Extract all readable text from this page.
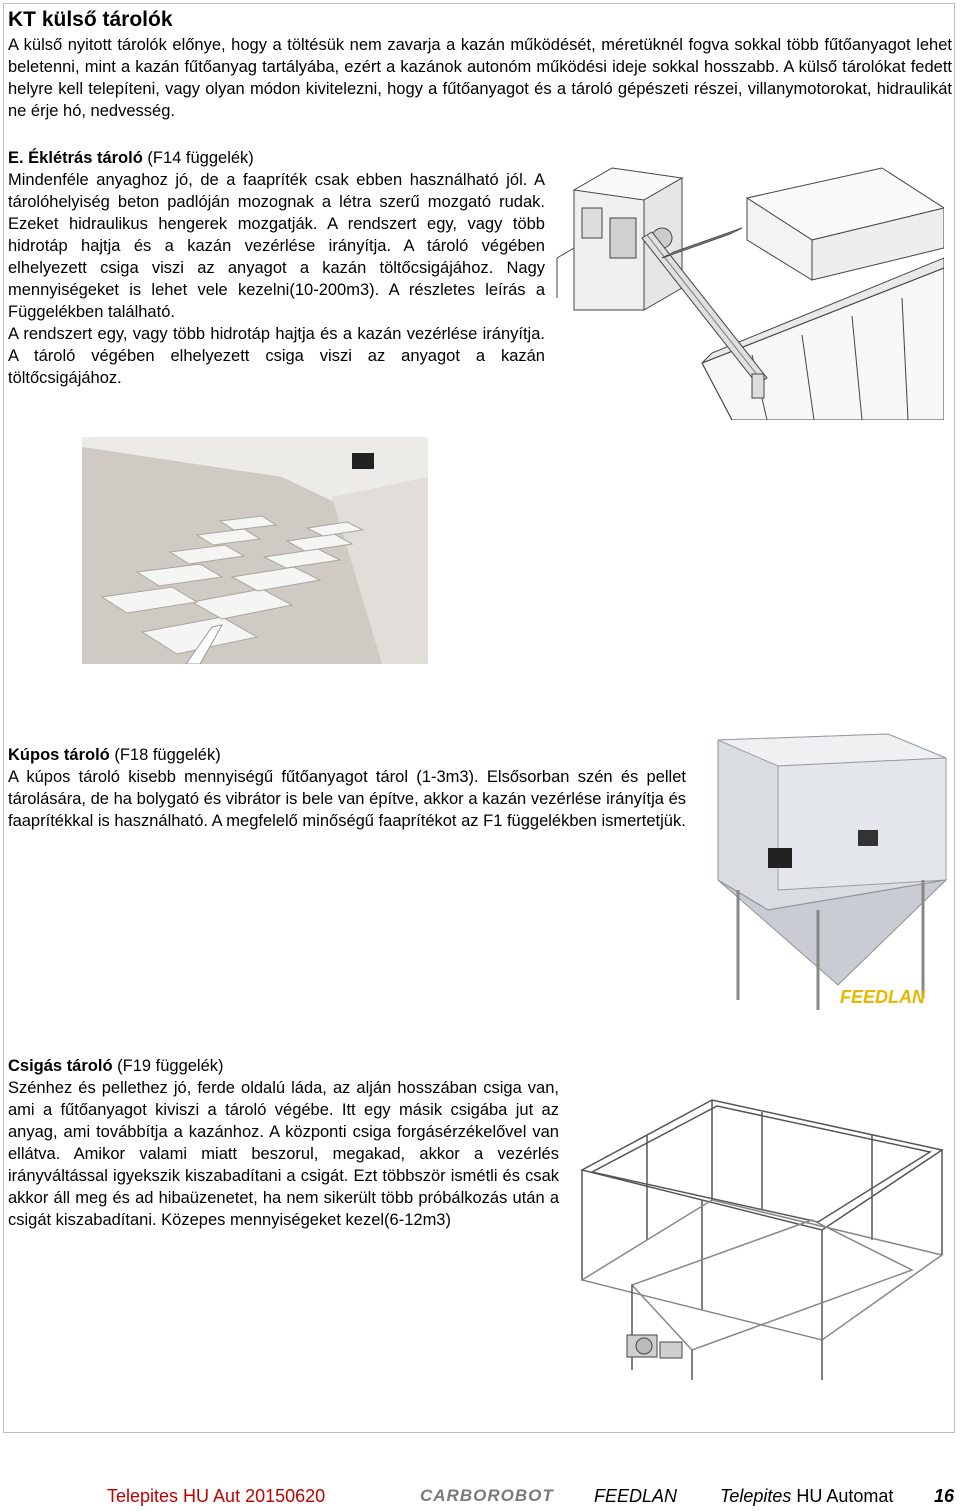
KT külső tárolók

A külső nyitott tárolók előnye, hogy a töltésük nem zavarja a kazán működését, méretüknél fogva sokkal több fűtőanyagot lehet beletenni, mint a kazán fűtőanyag tartályába, ezért a kazánok autonóm működési ideje sokkal hosszabb. A külső tárolókat fedett helyre kell telepíteni, vagy olyan módon kivitelezni, hogy a fűtőanyagot és a tároló gépészeti részei, villanymotorokat, hidraulikát ne érje hó, nedvesség.

E. Éklétrás tároló (F14 függelék)
Mindenféle anyaghoz jó, de a faapríték csak ebben használható jól. A tárolóhelyiség beton padlóján mozognak a létra szerű mozgató rudak. Ezeket hidraulikus hengerek mozgatják. A rendszert egy, vagy több hidrotáp hajtja és a kazán vezérlése irányítja. A tároló végében elhelyezett csiga viszi az anyagot a kazán töltőcsigájához. Nagy mennyiségeket is lehet vele kezelni(10-200m3). A részletes leírás a Függelékben található.
A rendszert egy, vagy több hidrotáp hajtja és a kazán vezérlése irányítja. A tároló végében elhelyezett csiga viszi az anyagot a kazán töltőcsigájához.

Kúpos tároló (F18 függelék)
A kúpos tároló kisebb mennyiségű fűtőanyagot tárol (1-3m3). Elsősorban szén és pellet tárolására, de ha bolygató és vibrátor is bele van építve, akkor a kazán vezérlése irányítja és faaprítékkal is használható. A megfelelő minőségű faaprítékot az F1 függelékben ismertetjük.

FEEDLAN

Csigás tároló (F19 függelék)
Szénhez és pellethez jó, ferde oldalú láda, az alján hosszában csiga van, ami a fűtőanyagot kiviszi a tároló végébe. Itt egy másik csigába jut az anyag, ami továbbítja a kazánhoz. A központi csiga forgásérzékelővel van ellátva. Amikor valami miatt beszorul, megakad, akkor a vezérlés irányváltással igyekszik kiszabadítani a csigát. Ezt többször ismétli és csak akkor áll meg és ad hibaüzenetet, ha nem sikerült több próbálkozás után a csigát kiszabadítani. Közepes mennyiségeket kezel(6-12m3)

Telepites HU Aut 20150620	CARBOROBOT FEEDLAN Telepites HU Automat 16
